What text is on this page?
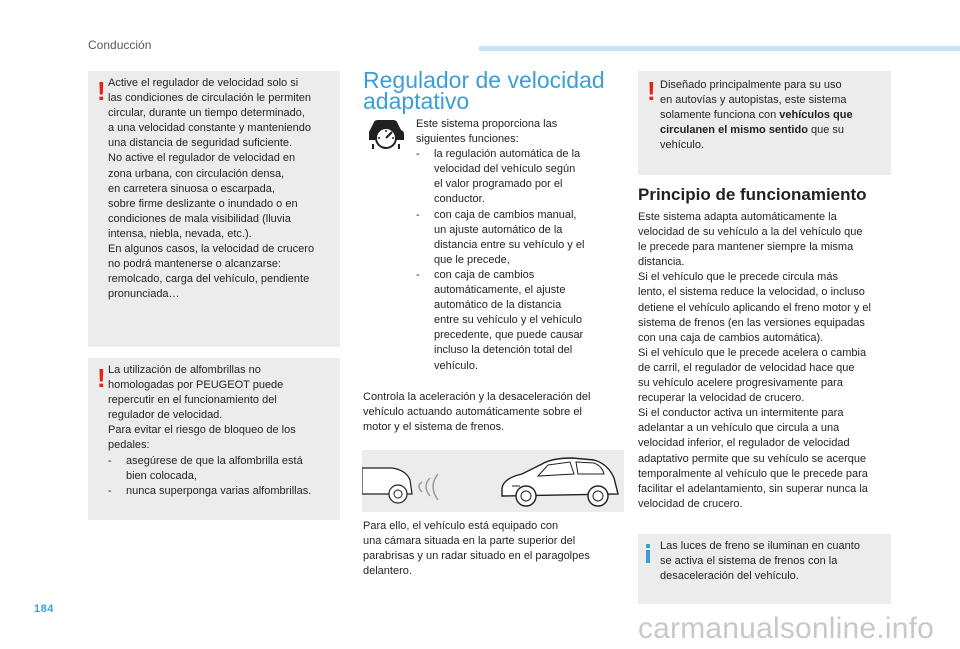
Conducción
! Active el regulador de velocidad solo si

las condiciones de circulación le permiten

circular, durante un tiempo determinado,

a una velocidad constante y manteniendo

una distancia de seguridad suficiente.

No active el regulador de velocidad en

zona urbana, con circulación densa,

en carretera sinuosa o escarpada,

sobre firme deslizante o inundado o en

condiciones de mala visibilidad (lluvia

intensa, niebla, nevada, etc.).

En algunos casos, la velocidad de crucero

no podrá mantenerse o alcanzarse:

remolcado, carga del vehículo, pendiente

pronunciada…

! La utilización de alfombrillas no

homologadas por PEUGEOT puede

repercutir en el funcionamiento del

regulador de velocidad.

Para evitar el riesgo de bloqueo de los

pedales:

- asegúrese de que la alfombrilla está
bien colocada,
- nunca superponga varias alfombrillas.
Regulador de velocidad
adaptativo

Este sistema proporciona las

siguientes funciones:

- la regulación automática de la
velocidad del vehículo según
el valor programado por el
conductor.
- con caja de cambios manual,
un ajuste automático de la
distancia entre su vehículo y el
que le precede,
- con caja de cambios
automáticamente, el ajuste
automático de la distancia
entre su vehículo y el vehículo
precedente, que puede causar
incluso la detención total del
vehículo.

Controla la aceleración y la desaceleración del

vehículo actuando automáticamente sobre el

motor y el sistema de frenos.

Para ello, el vehículo está equipado con

una cámara situada en la parte superior del

parabrisas y un radar situado en el paragolpes

delantero.

! Diseñado principalmente para su uso

en autovías y autopistas, este sistema

solamente funciona con vehículos que

circulanen el mismo sentido que su

vehículo.

Principio de funcionamiento

Este sistema adapta automáticamente la

velocidad de su vehículo a la del vehículo que

le precede para mantener siempre la misma

distancia.

Si el vehículo que le precede circula más

lento, el sistema reduce la velocidad, o incluso

detiene el vehículo aplicando el freno motor y el

sistema de frenos (en las versiones equipadas

con una caja de cambios automática).

Si el vehículo que le precede acelera o cambia

de carril, el regulador de velocidad hace que

su vehículo acelere progresivamente para

recuperar la velocidad de crucero.

Si el conductor activa un intermitente para

adelantar a un vehículo que circula a una

velocidad inferior, el regulador de velocidad

adaptativo permite que su vehículo se acerque

temporalmente al vehículo que le precede para

facilitar el adelantamiento, sin superar nunca la

velocidad de crucero.

Las luces de freno se iluminan en cuanto

se activa el sistema de frenos con la

desaceleración del vehículo.

184
carmanualsonline.info
